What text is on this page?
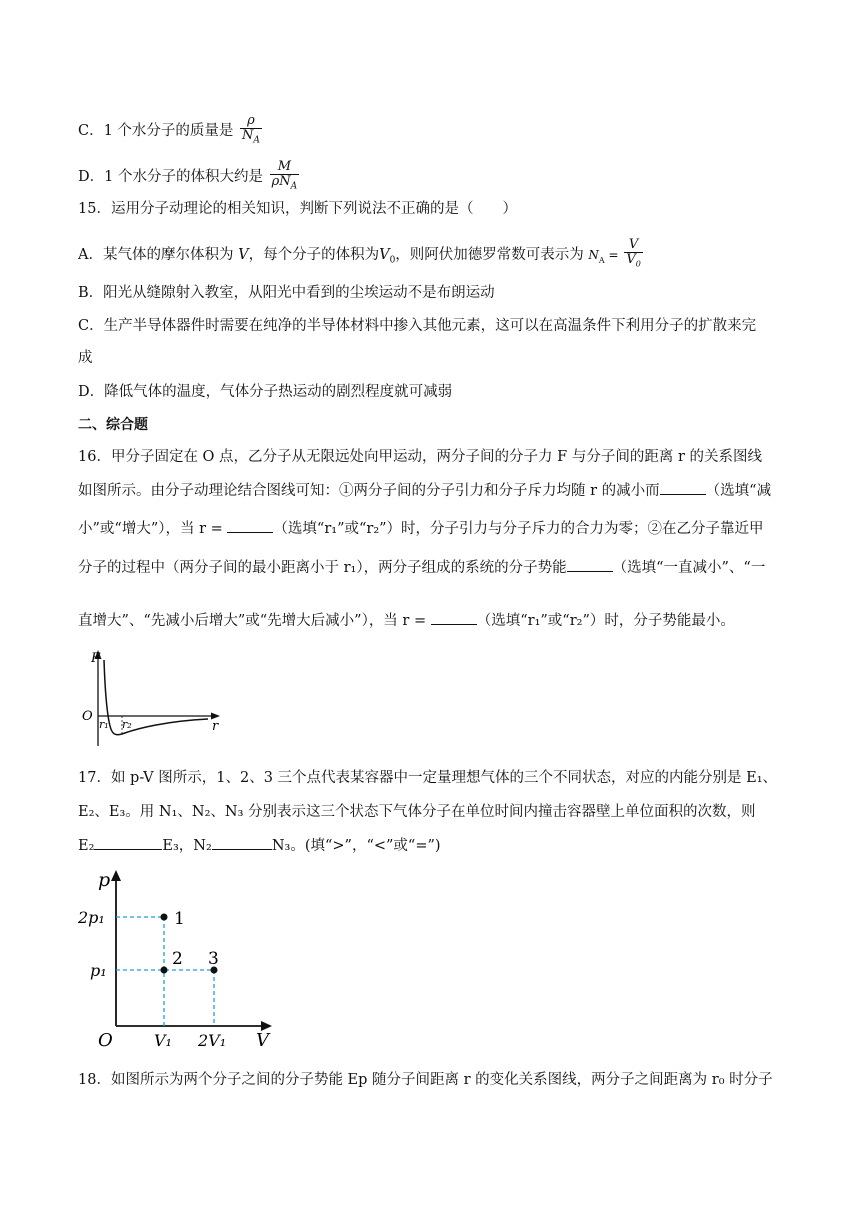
C．1 个水分子的质量是 $\frac{\rho}{N_A}$
D．1 个水分子的体积大约是 $\frac{M}{\rho N_A}$
15．运用分子动理论的相关知识，判断下列说法不正确的是（　　）
A．某气体的摩尔体积为 V，每个分子的体积为$V_0$，则阿伏加德罗常数可表示为 $N_A = \frac{V}{V_0}$
B．阳光从缝隙射入教室，从阳光中看到的尘埃运动不是布朗运动
C．生产半导体器件时需要在纯净的半导体材料中掺入其他元素，这可以在高温条件下利用分子的扩散来完
成
D．降低气体的温度，气体分子热运动的剧烈程度就可减弱
二、综合题
16．甲分子固定在 O 点，乙分子从无限远处向甲运动，两分子间的分子力 F 与分子间的距离 r 的关系图线
如图所示。由分子动理论结合图线可知：①两分子间的分子引力和分子斥力均随 r 的减小而	（选填“减
小”或“增大”），当 r =	（选填“r₁”或“r₂”）时，分子引力与分子斥力的合力为零；②在乙分子靠近甲
分子的过程中（两分子间的最小距离小于 r₁），两分子组成的系统的分子势能	（选填“一直减小”、“一
直增大”、“先减小后增大”或“先增大后减小”），当 r =	（选填“r₁”或“r₂”）时，分子势能最小。
F
O
r
r₁ r₂
17．如 p-V 图所示，1、2、3 三个点代表某容器中一定量理想气体的三个不同状态，对应的内能分别是 E₁、
E₂、E₃。用 N₁、N₂、N₃ 分别表示这三个状态下气体分子在单位时间内撞击容器壁上单位面积的次数，则
E₂	E₃，N₂	N₃。(填“>”，“<”或“=”)
1
2 3
p
2p₁
p₁
O	V₁ 2V₁ V
18．如图所示为两个分子之间的分子势能 Ep 随分子间距离 r 的变化关系图线，两分子之间距离为 r₀ 时分子
